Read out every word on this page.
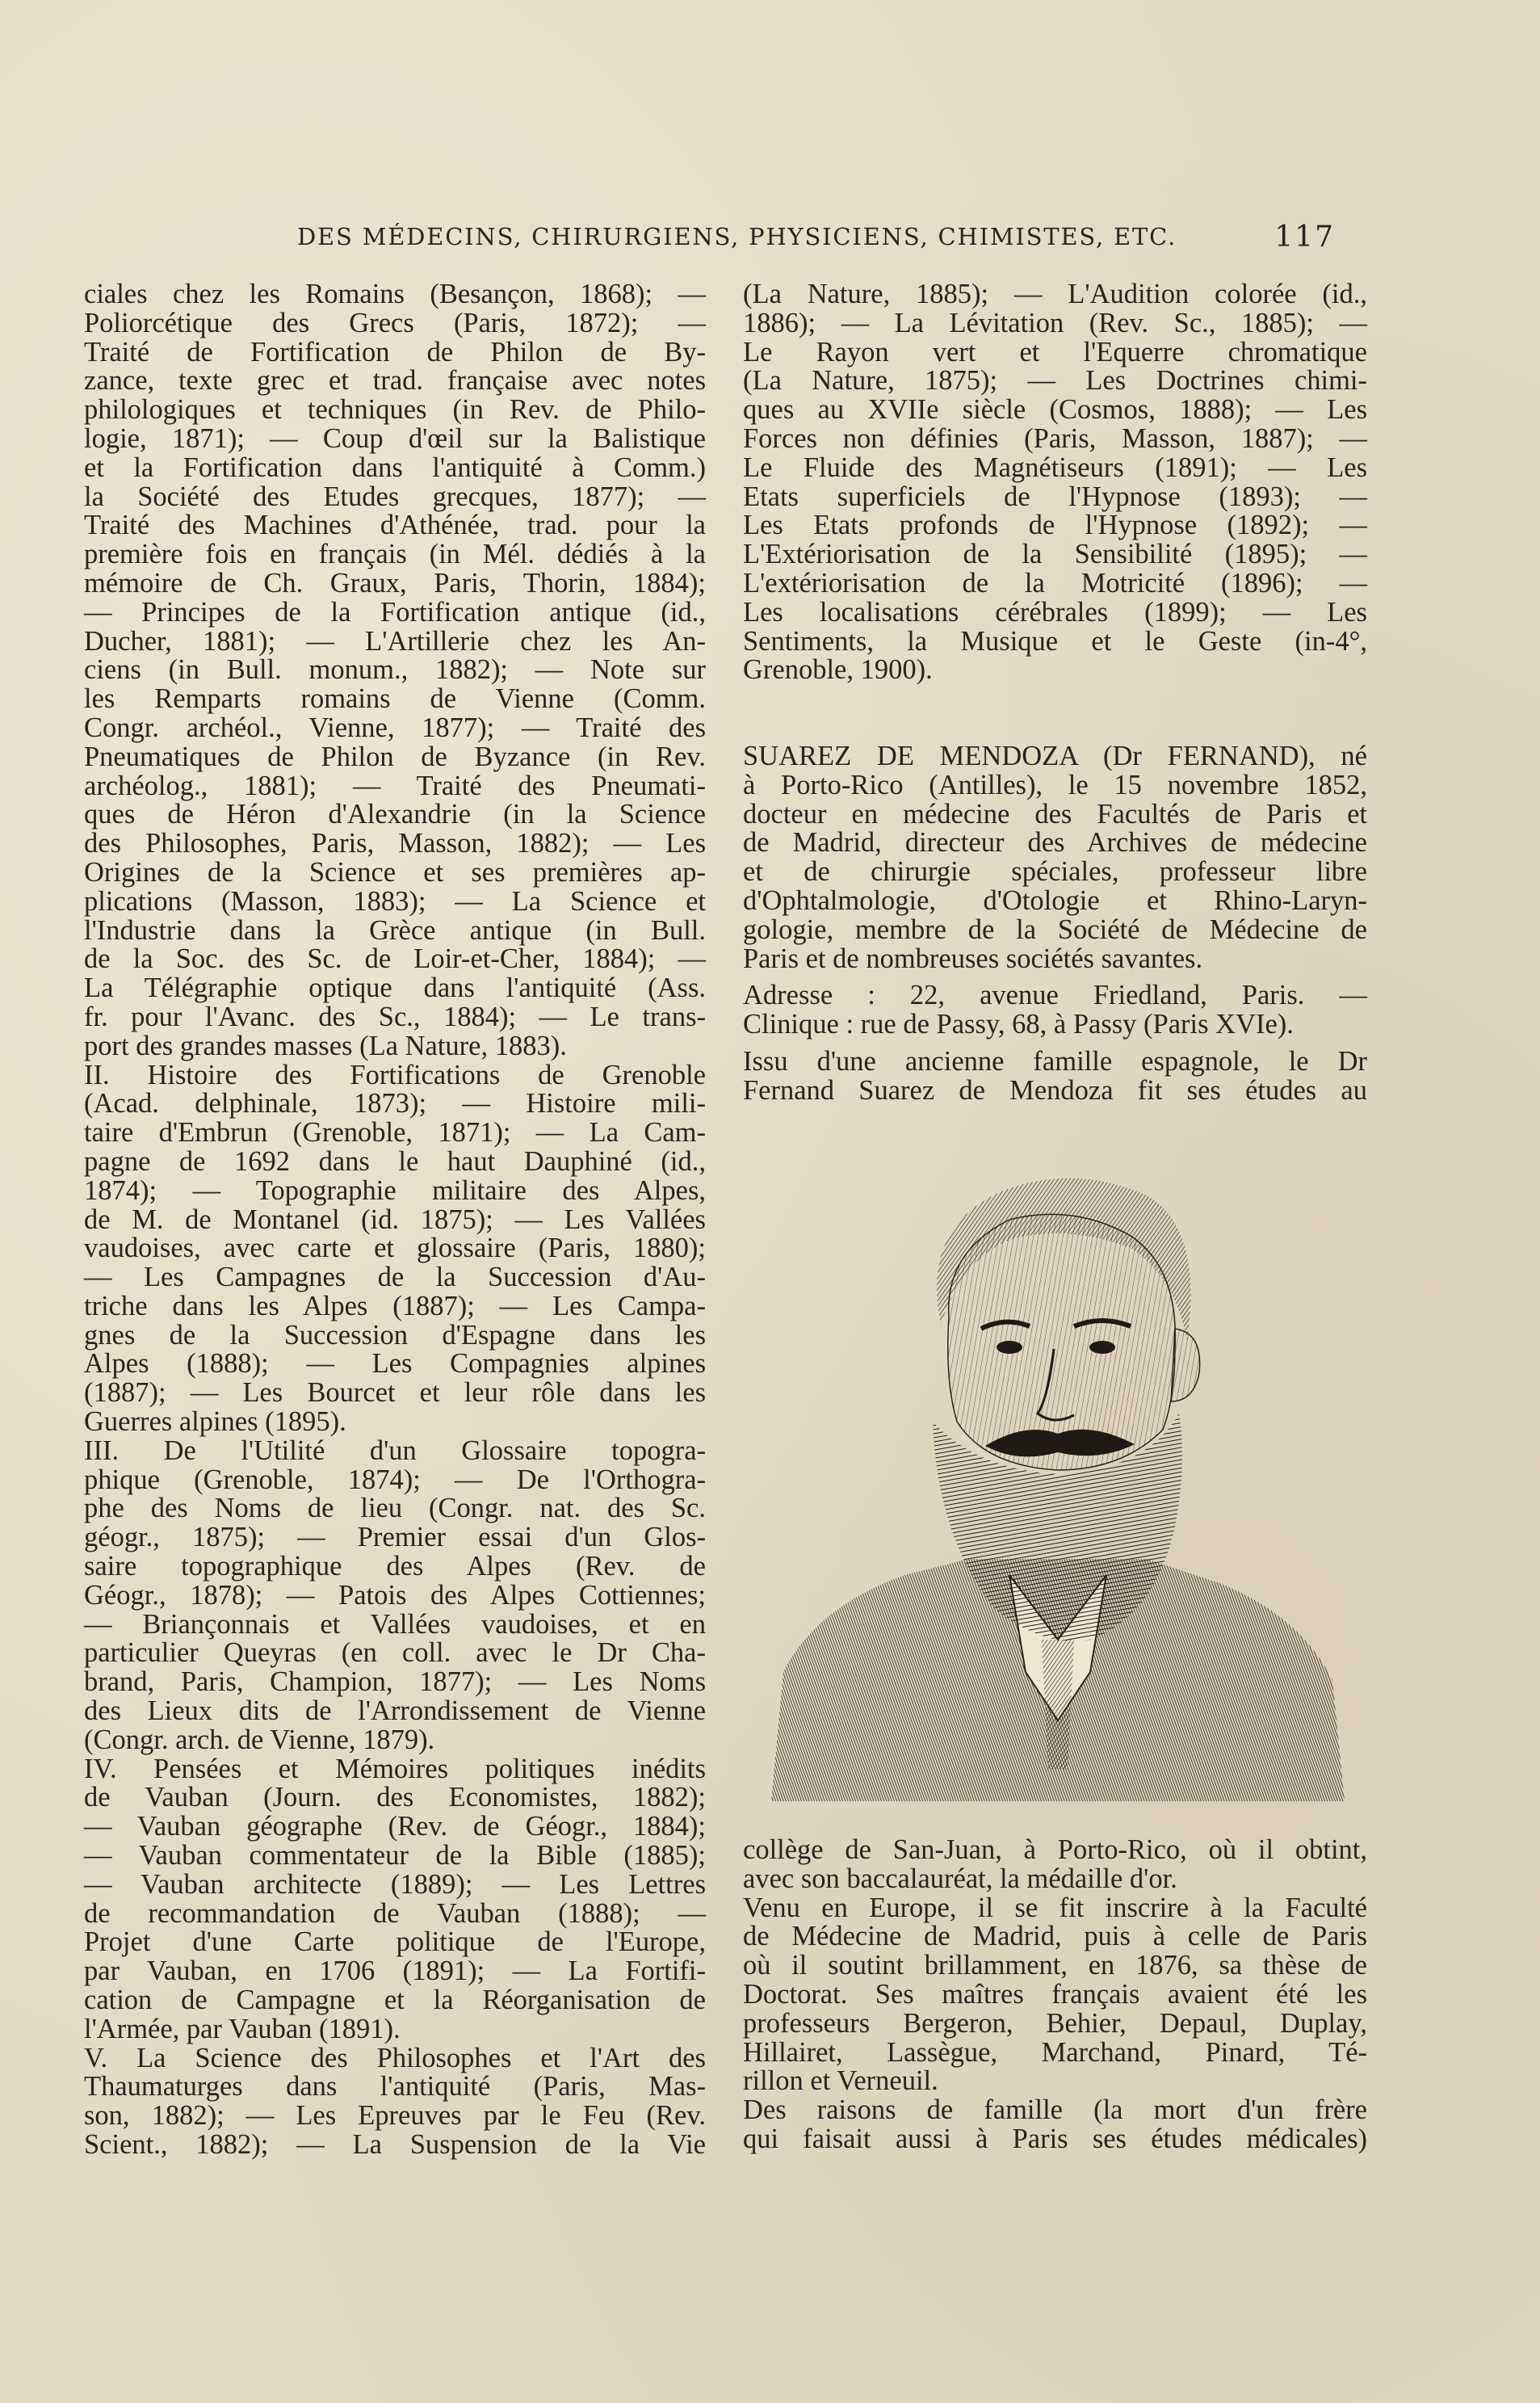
DES MÉDECINS, CHIRURGIENS, PHYSICIENS, CHIMISTES, ETC.	117
ciales chez les Romains (Besançon, 1868); —
Poliorcétique des Grecs (Paris, 1872); —
Traité de Fortification de Philon de By-
zance, texte grec et trad. française avec notes
philologiques et techniques (in Rev. de Philo-
logie, 1871); — Coup d'œil sur la Balistique
et la Fortification dans l'antiquité à Comm.)
la Société des Etudes grecques, 1877); —
Traité des Machines d'Athénée, trad. pour la
première fois en français (in Mél. dédiés à la
mémoire de Ch. Graux, Paris, Thorin, 1884);
— Principes de la Fortification antique (id.,
Ducher, 1881); — L'Artillerie chez les An-
ciens (in Bull. monum., 1882); — Note sur
les Remparts romains de Vienne (Comm.
Congr. archéol., Vienne, 1877); — Traité des
Pneumatiques de Philon de Byzance (in Rev.
archéolog., 1881); — Traité des Pneumati-
ques de Héron d'Alexandrie (in la Science
des Philosophes, Paris, Masson, 1882); — Les
Origines de la Science et ses premières ap-
plications (Masson, 1883); — La Science et
l'Industrie dans la Grèce antique (in Bull.
de la Soc. des Sc. de Loir-et-Cher, 1884); —
La Télégraphie optique dans l'antiquité (Ass.
fr. pour l'Avanc. des Sc., 1884); — Le trans-
port des grandes masses (La Nature, 1883).
II. Histoire des Fortifications de Grenoble
(Acad. delphinale, 1873); — Histoire mili-
taire d'Embrun (Grenoble, 1871); — La Cam-
pagne de 1692 dans le haut Dauphiné (id.,
1874); — Topographie militaire des Alpes,
de M. de Montanel (id. 1875); — Les Vallées
vaudoises, avec carte et glossaire (Paris, 1880);
— Les Campagnes de la Succession d'Au-
triche dans les Alpes (1887); — Les Campa-
gnes de la Succession d'Espagne dans les
Alpes (1888); — Les Compagnies alpines
(1887); — Les Bourcet et leur rôle dans les
Guerres alpines (1895).
III. De l'Utilité d'un Glossaire topogra-
phique (Grenoble, 1874); — De l'Orthogra-
phe des Noms de lieu (Congr. nat. des Sc.
géogr., 1875); — Premier essai d'un Glos-
saire topographique des Alpes (Rev. de
Géogr., 1878); — Patois des Alpes Cottiennes;
— Briançonnais et Vallées vaudoises, et en
particulier Queyras (en coll. avec le Dr Cha-
brand, Paris, Champion, 1877); — Les Noms
des Lieux dits de l'Arrondissement de Vienne
(Congr. arch. de Vienne, 1879).
IV. Pensées et Mémoires politiques inédits
de Vauban (Journ. des Economistes, 1882);
— Vauban géographe (Rev. de Géogr., 1884);
— Vauban commentateur de la Bible (1885);
— Vauban architecte (1889); — Les Lettres
de recommandation de Vauban (1888); —
Projet d'une Carte politique de l'Europe,
par Vauban, en 1706 (1891); — La Fortifi-
cation de Campagne et la Réorganisation de
l'Armée, par Vauban (1891).
V. La Science des Philosophes et l'Art des
Thaumaturges dans l'antiquité (Paris, Mas-
son, 1882); — Les Epreuves par le Feu (Rev.
Scient., 1882); — La Suspension de la Vie
(La Nature, 1885); — L'Audition colorée (id.,
1886); — La Lévitation (Rev. Sc., 1885); —
Le Rayon vert et l'Equerre chromatique
(La Nature, 1875); — Les Doctrines chimi-
ques au XVIIe siècle (Cosmos, 1888); — Les
Forces non définies (Paris, Masson, 1887); —
Le Fluide des Magnétiseurs (1891); — Les
Etats superficiels de l'Hypnose (1893); —
Les Etats profonds de l'Hypnose (1892); —
L'Extériorisation de la Sensibilité (1895); —
L'extériorisation de la Motricité (1896); —
Les localisations cérébrales (1899); — Les
Sentiments, la Musique et le Geste (in-4°,
Grenoble, 1900).
SUAREZ DE MENDOZA (Dr FERNAND), né
à Porto-Rico (Antilles), le 15 novembre 1852,
docteur en médecine des Facultés de Paris et
de Madrid, directeur des Archives de médecine
et de chirurgie spéciales, professeur libre
d'Ophtalmologie, d'Otologie et Rhino-Laryn-
gologie, membre de la Société de Médecine de
Paris et de nombreuses sociétés savantes.
Adresse : 22, avenue Friedland, Paris. —
Clinique : rue de Passy, 68, à Passy (Paris XVIe).
Issu d'une ancienne famille espagnole, le Dr
Fernand Suarez de Mendoza fit ses études au
collège de San-Juan, à Porto-Rico, où il obtint,
avec son baccalauréat, la médaille d'or.
Venu en Europe, il se fit inscrire à la Faculté
de Médecine de Madrid, puis à celle de Paris
où il soutint brillamment, en 1876, sa thèse de
Doctorat. Ses maîtres français avaient été les
professeurs Bergeron, Behier, Depaul, Duplay,
Hillairet, Lassègue, Marchand, Pinard, Té-
rillon et Verneuil.
Des raisons de famille (la mort d'un frère
qui faisait aussi à Paris ses études médicales)
